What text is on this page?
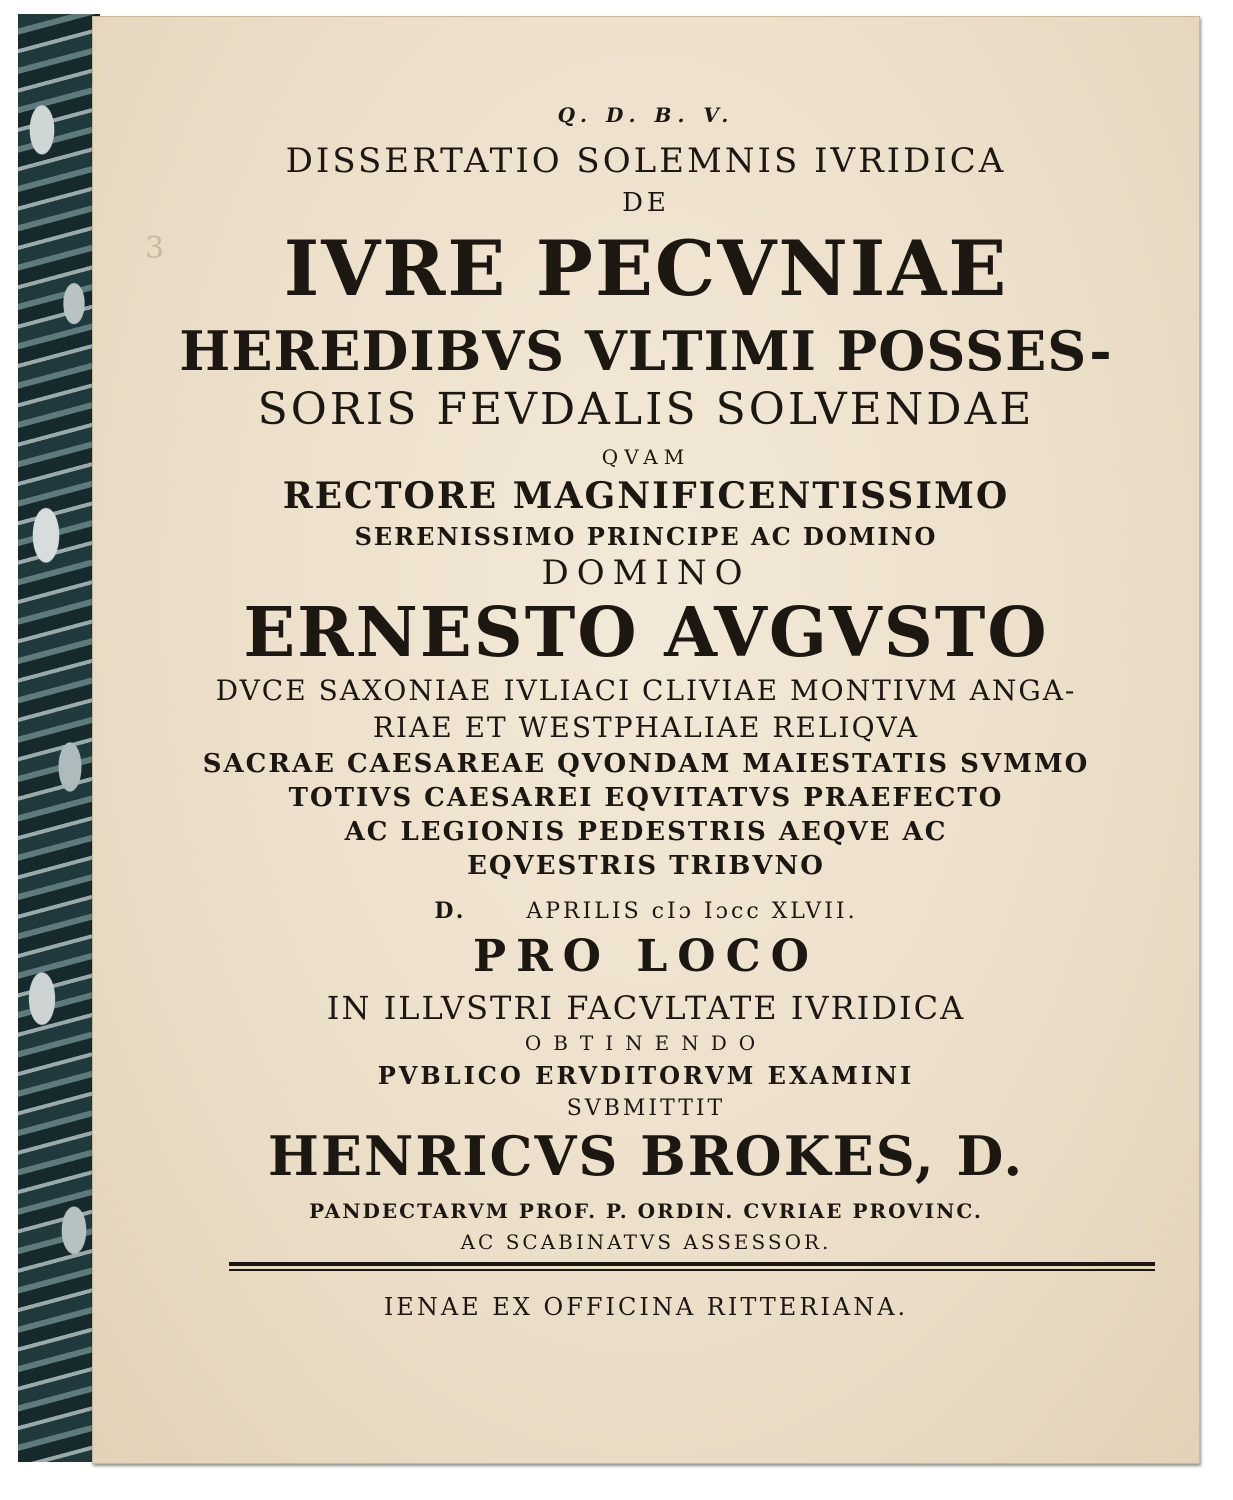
3
Q. D. B. V.
DISSERTATIO SOLEMNIS IVRIDICA
DE
IVRE PECVNIAE
HEREDIBVS VLTIMI POSSES-
SORIS FEVDALIS SOLVENDAE
QVAM
RECTORE MAGNIFICENTISSIMO
SERENISSIMO PRINCIPE AC DOMINO
DOMINO
ERNESTO AVGVSTO
DVCE SAXONIAE IVLIACI CLIVIAE MONTIVM ANGA-
RIAE ET WESTPHALIAE RELIQVA
SACRAE CAESAREAE QVONDAM MAIESTATIS SVMMO
TOTIVS CAESAREI EQVITATVS PRAEFECTO
AC LEGIONIS PEDESTRIS AEQVE AC
EQVESTRIS TRIBVNO
D.	APRILIS cIɔ Iɔcc XLVII.
PRO LOCO
IN ILLVSTRI FACVLTATE IVRIDICA
OBTINENDO
PVBLICO ERVDITORVM EXAMINI
SVBMITTIT
HENRICVS BROKES, D.
PANDECTARVM PROF. P. ORDIN. CVRIAE PROVINC.
AC SCABINATVS ASSESSOR.
IENAE EX OFFICINA RITTERIANA.
